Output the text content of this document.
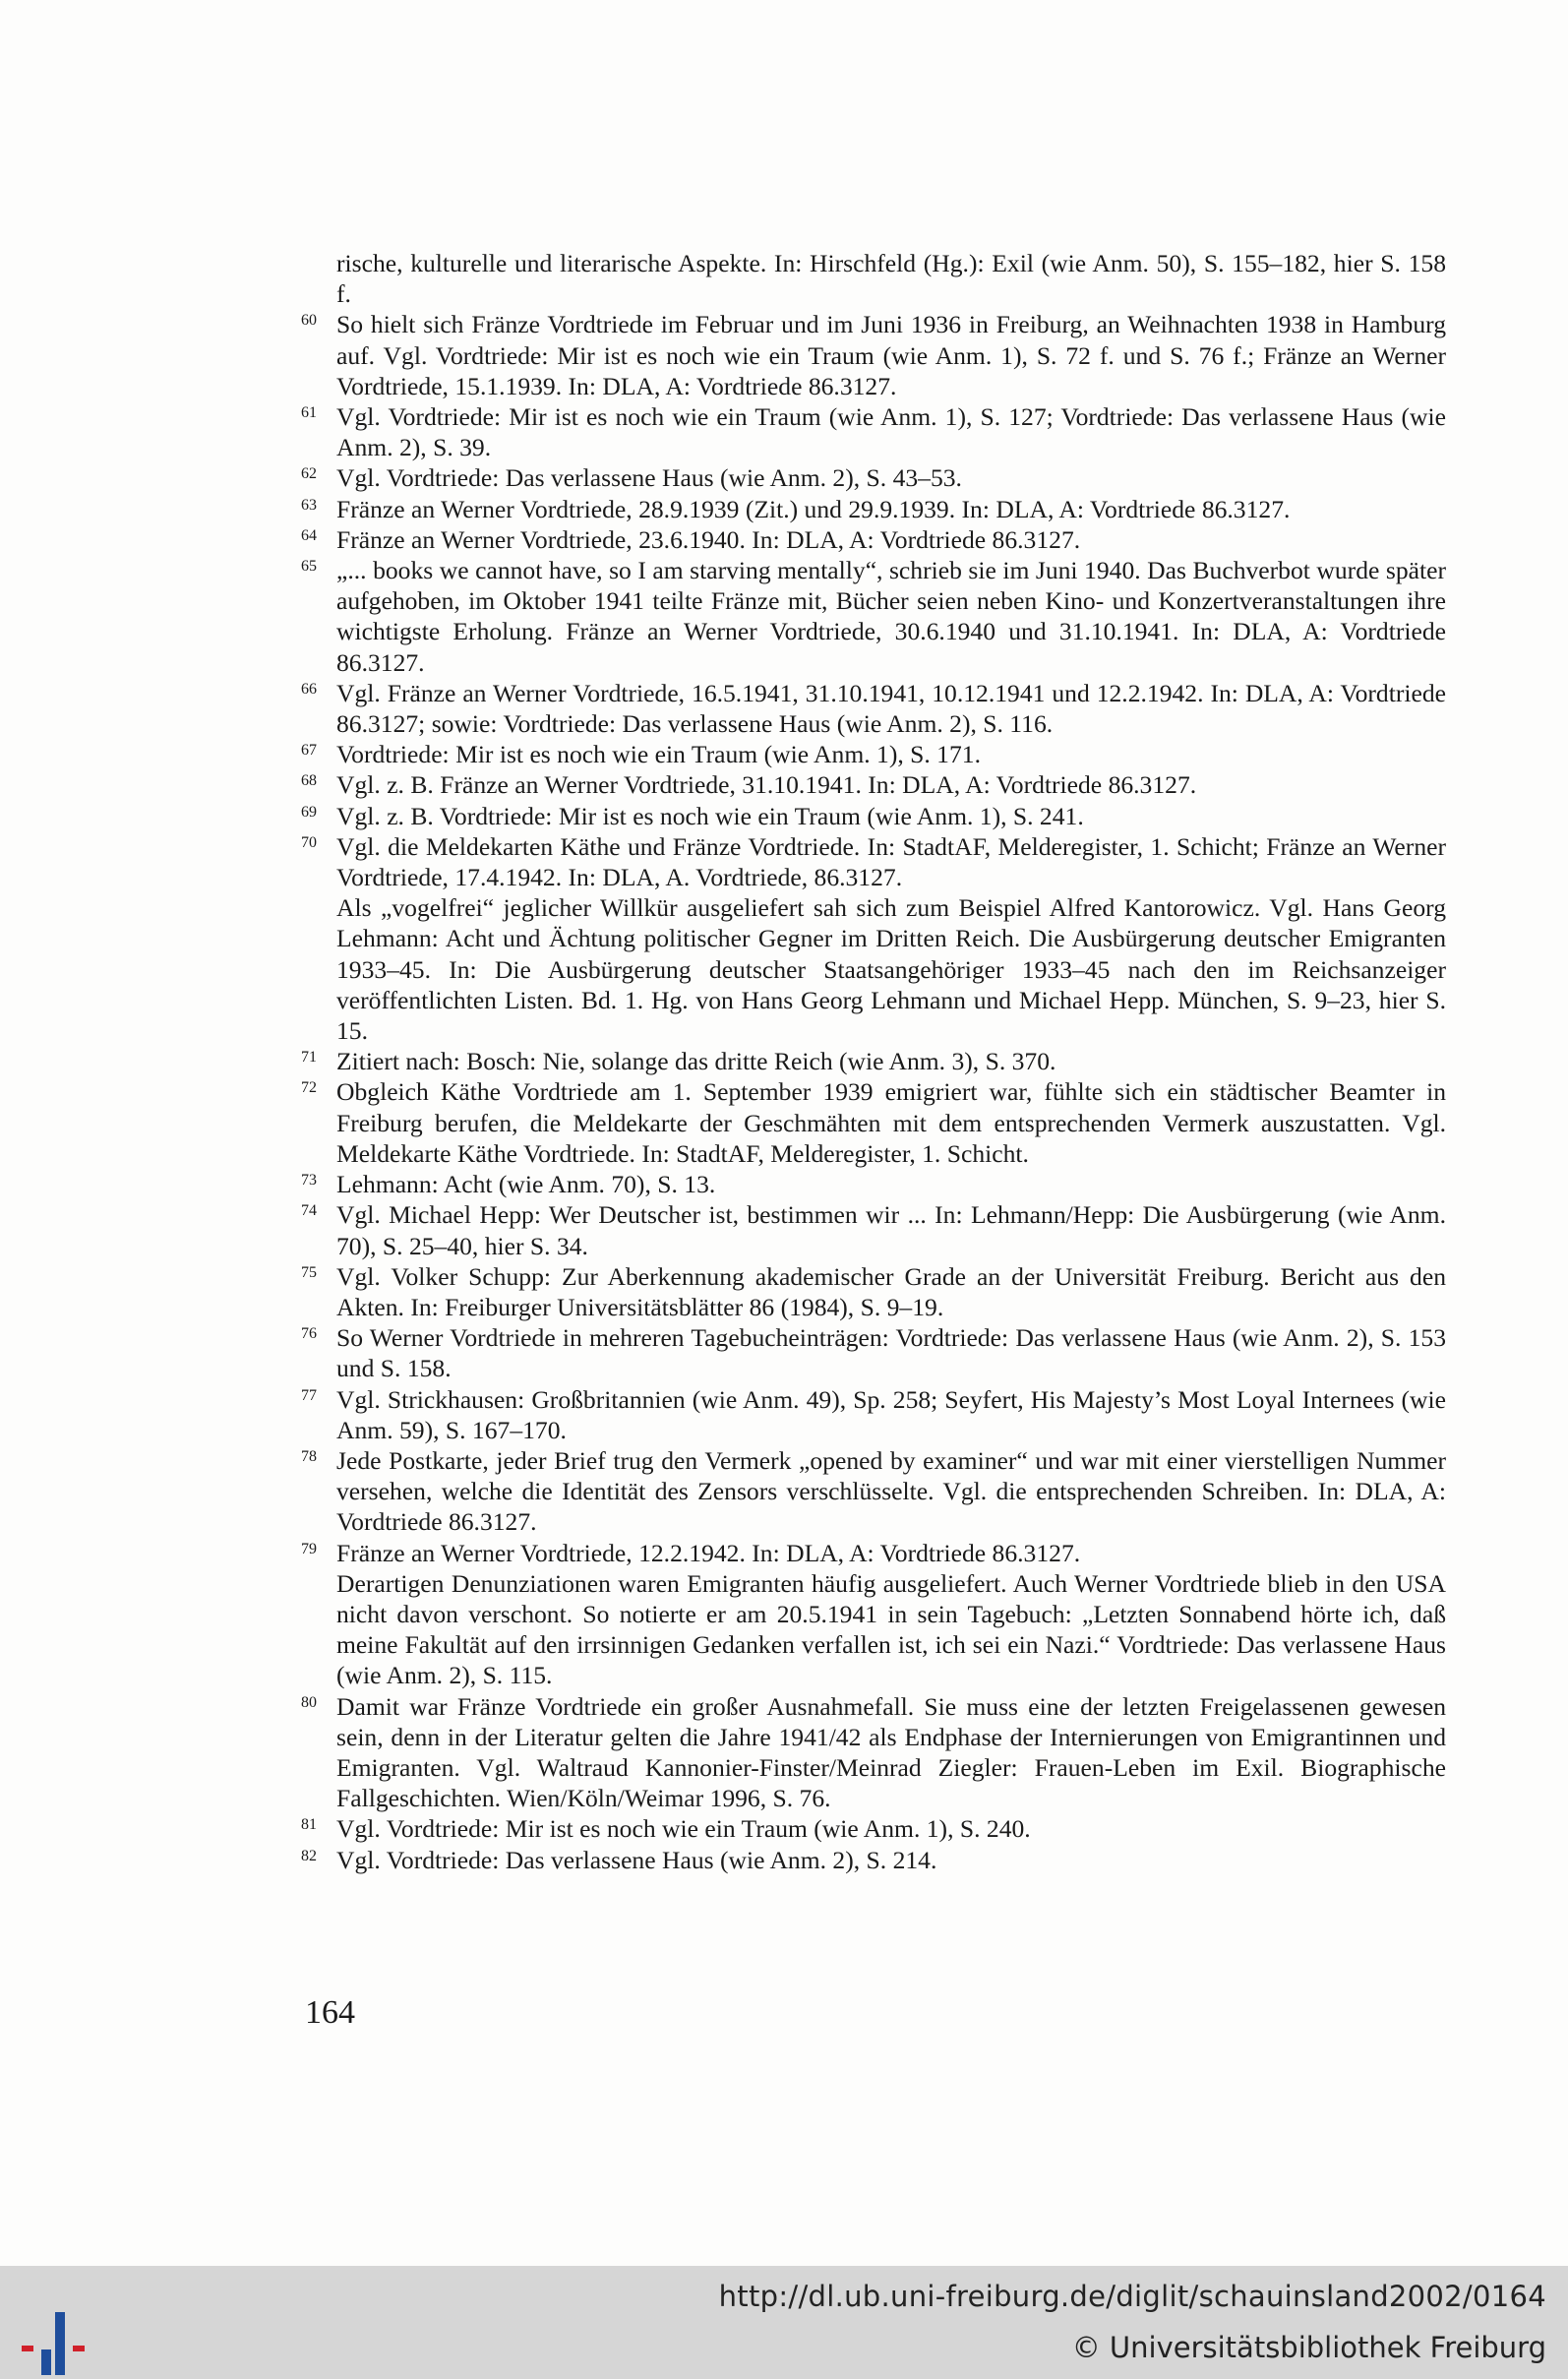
rische, kulturelle und literarische Aspekte. In: Hirschfeld (Hg.): Exil (wie Anm. 50), S. 155–182, hier S. 158 f.
60 So hielt sich Fränze Vordtriede im Februar und im Juni 1936 in Freiburg, an Weihnachten 1938 in Hamburg auf. Vgl. Vordtriede: Mir ist es noch wie ein Traum (wie Anm. 1), S. 72 f. und S. 76 f.; Fränze an Werner Vordtriede, 15.1.1939. In: DLA, A: Vordtriede 86.3127.
61 Vgl. Vordtriede: Mir ist es noch wie ein Traum (wie Anm. 1), S. 127; Vordtriede: Das verlassene Haus (wie Anm. 2), S. 39.
62 Vgl. Vordtriede: Das verlassene Haus (wie Anm. 2), S. 43–53.
63 Fränze an Werner Vordtriede, 28.9.1939 (Zit.) und 29.9.1939. In: DLA, A: Vordtriede 86.3127.
64 Fränze an Werner Vordtriede, 23.6.1940. In: DLA, A: Vordtriede 86.3127.
65 „... books we cannot have, so I am starving mentally“, schrieb sie im Juni 1940. Das Buchverbot wurde später aufgehoben, im Oktober 1941 teilte Fränze mit, Bücher seien neben Kino- und Konzertveranstaltungen ihre wichtigste Erholung. Fränze an Werner Vordtriede, 30.6.1940 und 31.10.1941. In: DLA, A: Vordtriede 86.3127.
66 Vgl. Fränze an Werner Vordtriede, 16.5.1941, 31.10.1941, 10.12.1941 und 12.2.1942. In: DLA, A: Vordtriede 86.3127; sowie: Vordtriede: Das verlassene Haus (wie Anm. 2), S. 116.
67 Vordtriede: Mir ist es noch wie ein Traum (wie Anm. 1), S. 171.
68 Vgl. z. B. Fränze an Werner Vordtriede, 31.10.1941. In: DLA, A: Vordtriede 86.3127.
69 Vgl. z. B. Vordtriede: Mir ist es noch wie ein Traum (wie Anm. 1), S. 241.
70 Vgl. die Meldekarten Käthe und Fränze Vordtriede. In: StadtAF, Melderegister, 1. Schicht; Fränze an Werner Vordtriede, 17.4.1942. In: DLA, A. Vordtriede, 86.3127.
Als „vogelfrei“ jeglicher Willkür ausgeliefert sah sich zum Beispiel Alfred Kantorowicz. Vgl. Hans Georg Lehmann: Acht und Ächtung politischer Gegner im Dritten Reich. Die Ausbürgerung deutscher Emigranten 1933–45. In: Die Ausbürgerung deutscher Staatsangehöriger 1933–45 nach den im Reichsanzeiger veröffentlichten Listen. Bd. 1. Hg. von Hans Georg Lehmann und Michael Hepp. München, S. 9–23, hier S. 15.
71 Zitiert nach: Bosch: Nie, solange das dritte Reich (wie Anm. 3), S. 370.
72 Obgleich Käthe Vordtriede am 1. September 1939 emigriert war, fühlte sich ein städtischer Beamter in Freiburg berufen, die Meldekarte der Geschmähten mit dem entsprechenden Vermerk auszustatten. Vgl. Meldekarte Käthe Vordtriede. In: StadtAF, Melderegister, 1. Schicht.
73 Lehmann: Acht (wie Anm. 70), S. 13.
74 Vgl. Michael Hepp: Wer Deutscher ist, bestimmen wir ... In: Lehmann/Hepp: Die Ausbürgerung (wie Anm. 70), S. 25–40, hier S. 34.
75 Vgl. Volker Schupp: Zur Aberkennung akademischer Grade an der Universität Freiburg. Bericht aus den Akten. In: Freiburger Universitätsblätter 86 (1984), S. 9–19.
76 So Werner Vordtriede in mehreren Tagebucheinträgen: Vordtriede: Das verlassene Haus (wie Anm. 2), S. 153 und S. 158.
77 Vgl. Strickhausen: Großbritannien (wie Anm. 49), Sp. 258; Seyfert, His Majesty’s Most Loyal Internees (wie Anm. 59), S. 167–170.
78 Jede Postkarte, jeder Brief trug den Vermerk „opened by examiner“ und war mit einer vierstelligen Nummer versehen, welche die Identität des Zensors verschlüsselte. Vgl. die entsprechenden Schreiben. In: DLA, A: Vordtriede 86.3127.
79 Fränze an Werner Vordtriede, 12.2.1942. In: DLA, A: Vordtriede 86.3127.
Derartigen Denunziationen waren Emigranten häufig ausgeliefert. Auch Werner Vordtriede blieb in den USA nicht davon verschont. So notierte er am 20.5.1941 in sein Tagebuch: „Letzten Sonnabend hörte ich, daß meine Fakultät auf den irrsinnigen Gedanken verfallen ist, ich sei ein Nazi.“ Vordtriede: Das verlassene Haus (wie Anm. 2), S. 115.
80 Damit war Fränze Vordtriede ein großer Ausnahmefall. Sie muss eine der letzten Freigelassenen gewesen sein, denn in der Literatur gelten die Jahre 1941/42 als Endphase der Internierungen von Emigrantinnen und Emigranten. Vgl. Waltraud Kannonier-Finster/Meinrad Ziegler: Frauen-Leben im Exil. Biographische Fallgeschichten. Wien/Köln/Weimar 1996, S. 76.
81 Vgl. Vordtriede: Mir ist es noch wie ein Traum (wie Anm. 1), S. 240.
82 Vgl. Vordtriede: Das verlassene Haus (wie Anm. 2), S. 214.
164
http://dl.ub.uni-freiburg.de/diglit/schauinsland2002/0164
© Universitätsbibliothek Freiburg
